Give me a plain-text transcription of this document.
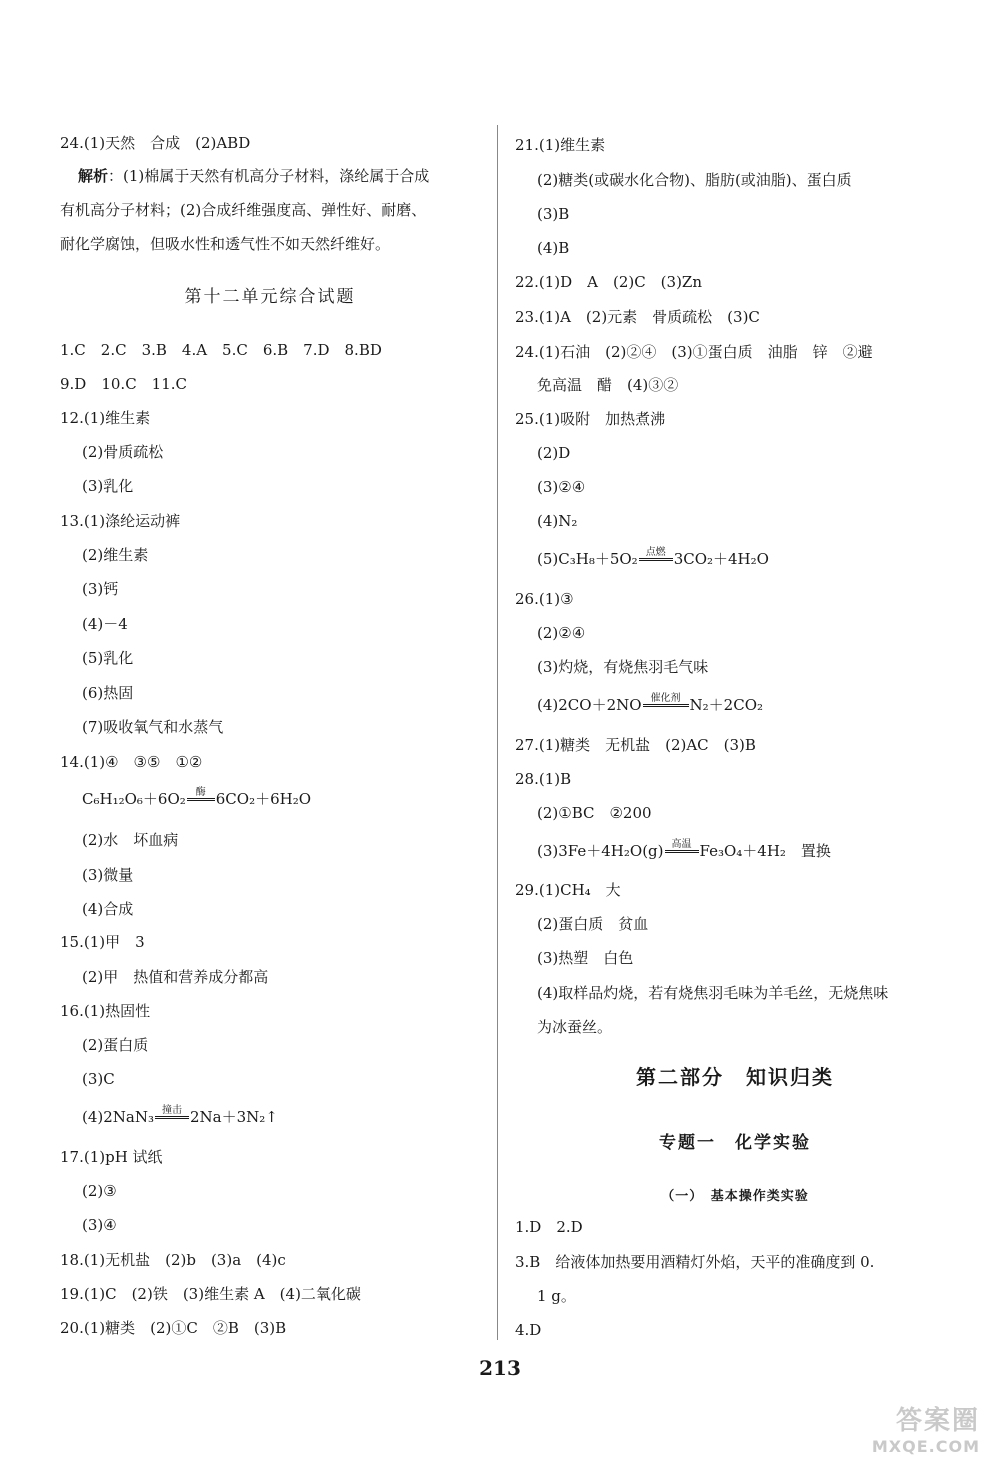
24.(1)天然　合成　(2)ABD
解析：(1)棉属于天然有机高分子材料，涤纶属于合成
有机高分子材料；(2)合成纤维强度高、弹性好、耐磨、
耐化学腐蚀，但吸水性和透气性不如天然纤维好。
第十二单元综合试题
1.C　2.C　3.B　4.A　5.C　6.B　7.D　8.BD
9.D　10.C　11.C
12.(1)维生素
(2)骨质疏松
(3)乳化
13.(1)涤纶运动裤
(2)维生素
(3)钙
(4)－4
(5)乳化
(6)热固
(7)吸收氧气和水蒸气
14.(1)④　③⑤　①②
C₆H₁₂O₆＋6O₂	酶 6CO₂＋6H₂O
(2)水　坏血病
(3)微量
(4)合成
15.(1)甲　3
(2)甲　热值和营养成分都高
16.(1)热固性
(2)蛋白质
(3)C
(4)2NaN₃ 撞击 2Na＋3N₂↑
17.(1)pH 试纸
(2)③
(3)④
18.(1)无机盐　(2)b　(3)a　(4)c
19.(1)C　(2)铁　(3)维生素 A　(4)二氧化碳
20.(1)糖类　(2)①C　②B　(3)B
21.(1)维生素
(2)糖类(或碳水化合物)、脂肪(或油脂)、蛋白质
(3)B
(4)B
22.(1)D　A　(2)C　(3)Zn
23.(1)A　(2)元素　骨质疏松　(3)C
24.(1)石油　(2)②④　(3)①蛋白质　油脂　锌　②避
免高温　醋　(4)③②
25.(1)吸附　加热煮沸
(2)D
(3)②④
(4)N₂
(5)C₃H₈＋5O₂ 点燃 3CO₂＋4H₂O
26.(1)③
(2)②④
(3)灼烧，有烧焦羽毛气味
(4)2CO＋2NO 催化剂 N₂＋2CO₂
27.(1)糖类　无机盐　(2)AC　(3)B
28.(1)B
(2)①BC　②200
(3)3Fe＋4H₂O(g) 高温 Fe₃O₄＋4H₂　置换
29.(1)CH₄　大
(2)蛋白质　贫血
(3)热塑　白色
(4)取样品灼烧，若有烧焦羽毛味为羊毛丝，无烧焦味
为冰蚕丝。
第二部分　知识归类
专题一　化学实验
（一）　基本操作类实验
1.D　2.D
3.B　给液体加热要用酒精灯外焰，天平的准确度到 0.
1 g。
4.D
213
答案圈
MXQE.COM
